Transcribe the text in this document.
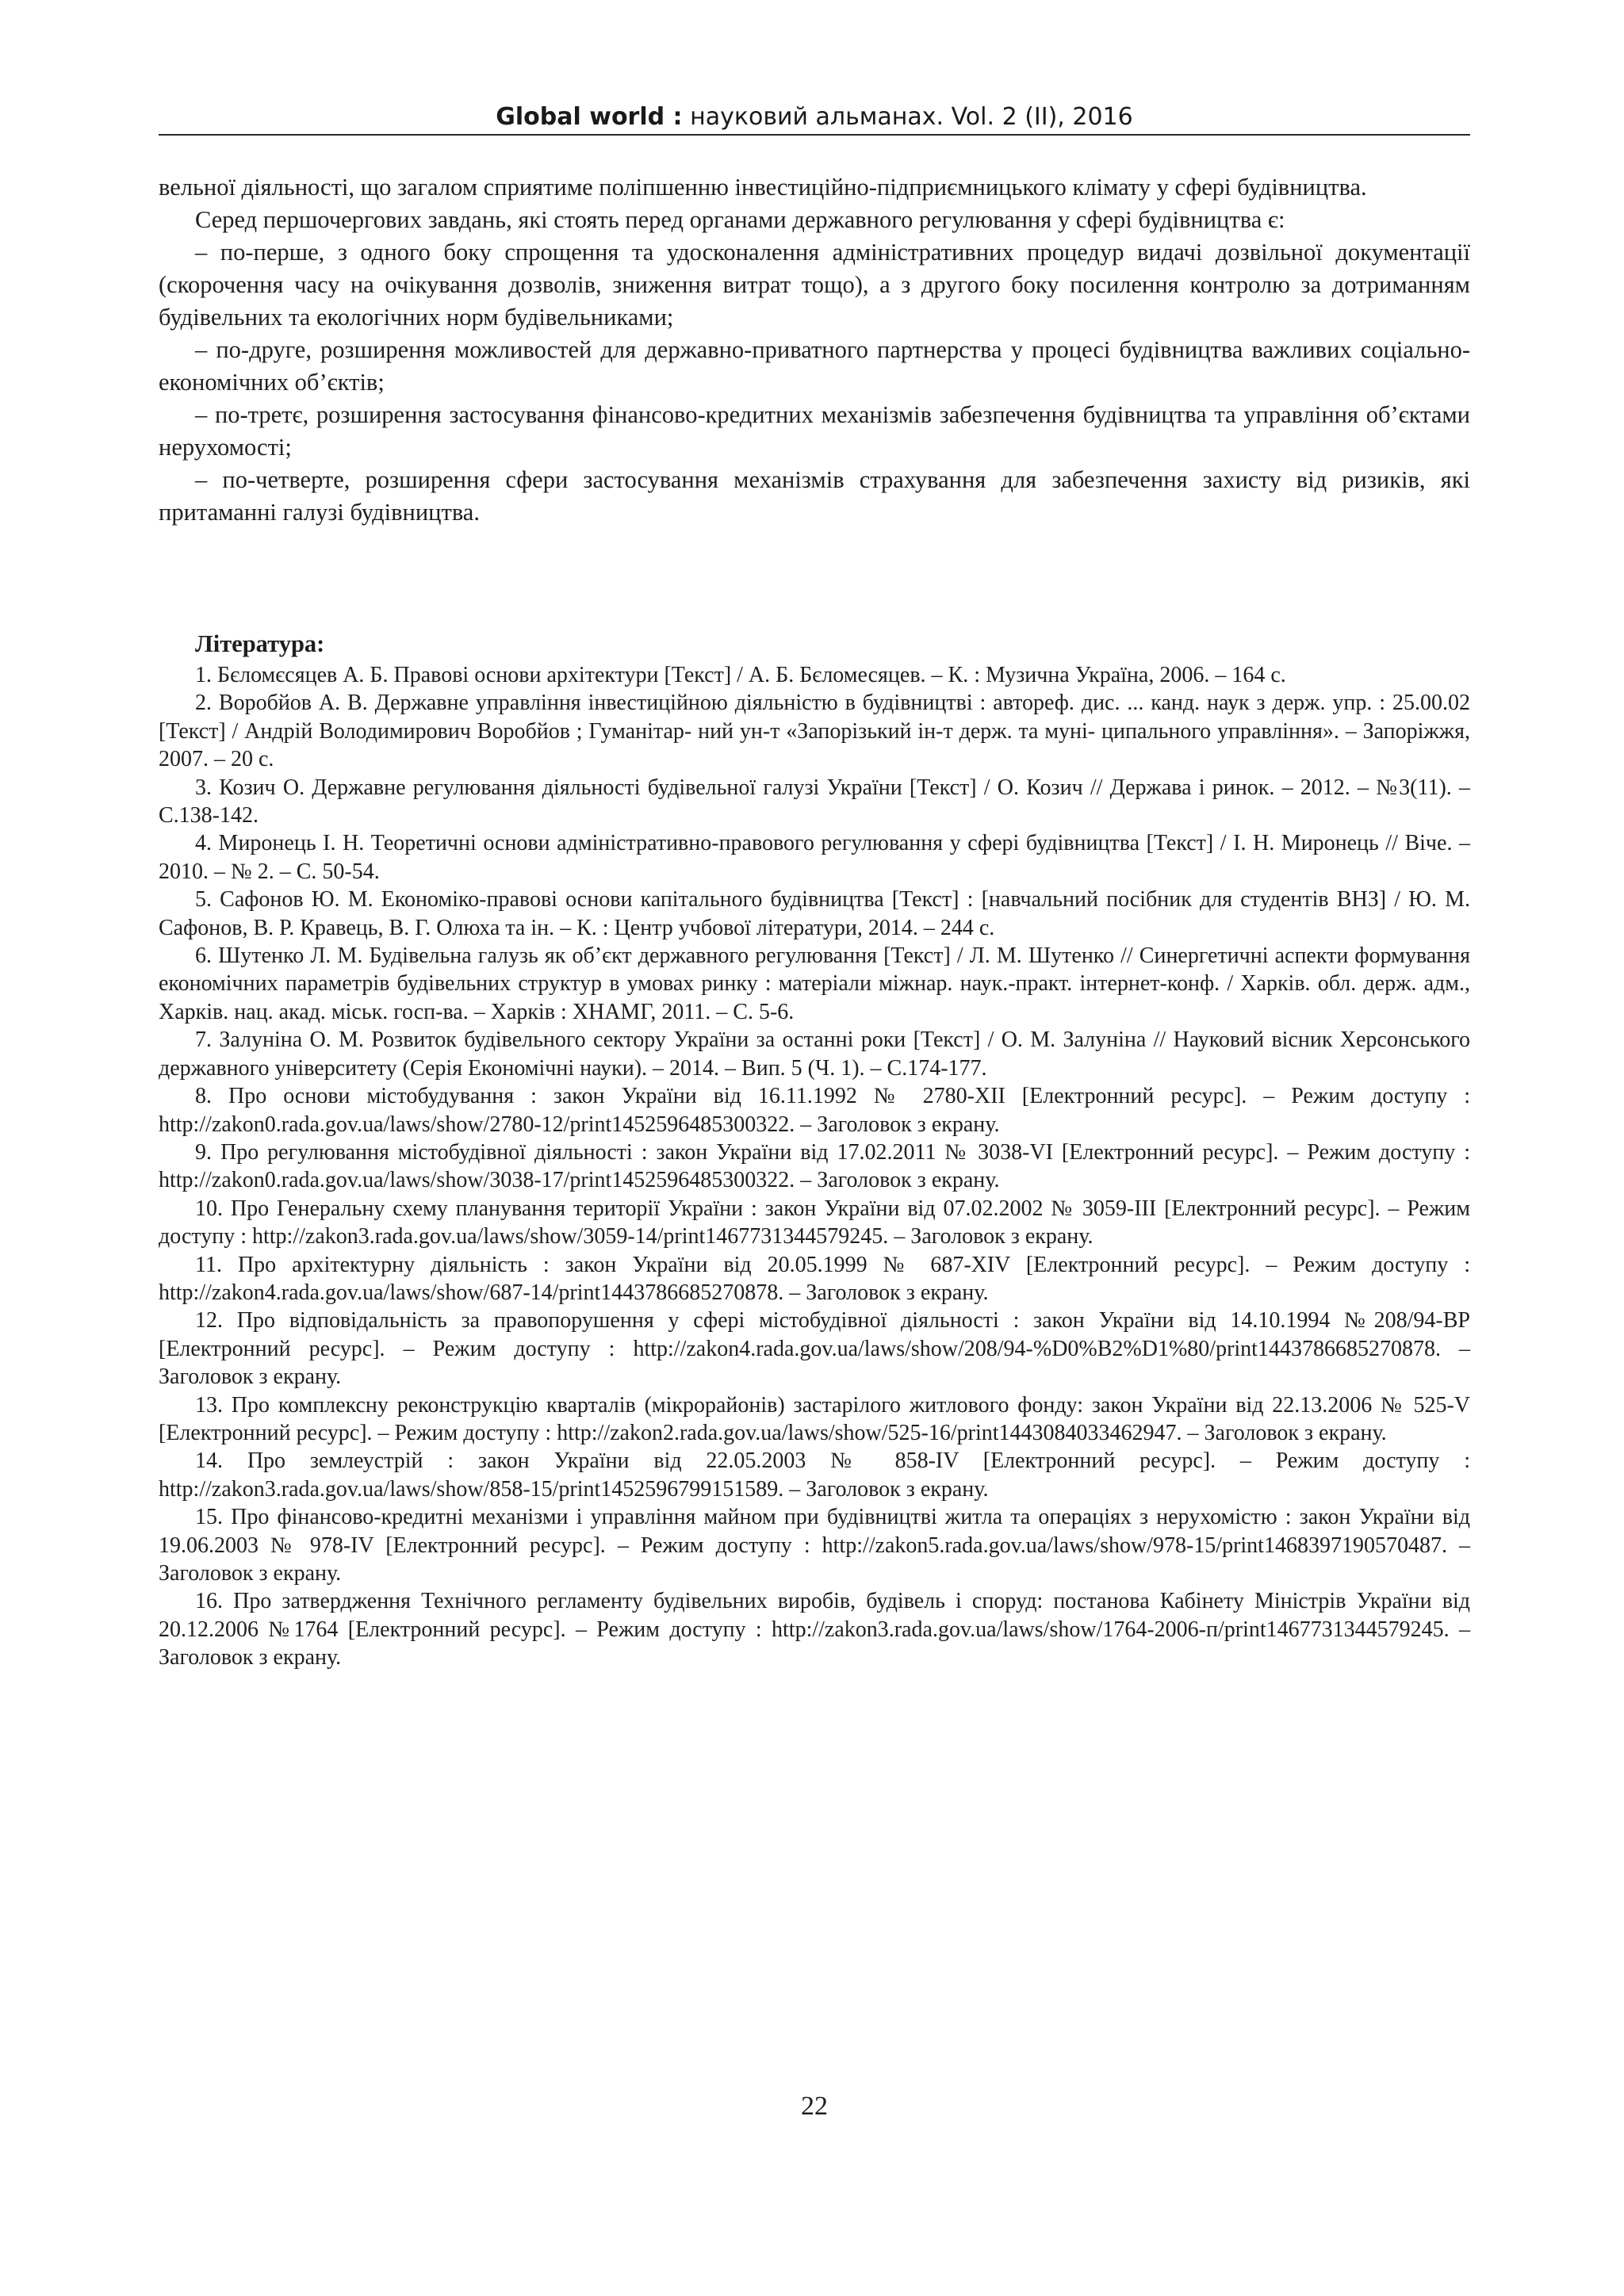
Global world : науковий альманах. Vol. 2 (II), 2016

вельної діяльності, що загалом сприятиме поліпшенню інвестиційно-підприємницького клімату у сфері будівництва.

Серед першочергових завдань, які стоять перед органами державного регулювання у сфері будівництва є:

– по-перше, з одного боку спрощення та удосконалення адміністративних процедур видачі дозвільної документації (скорочення часу на очікування дозволів, зниження витрат тощо), а з другого боку посилення контролю за дотриманням будівельних та екологічних норм будівельниками;

– по-друге, розширення можливостей для державно-приватного партнерства у процесі будівництва важливих соціально-економічних об’єктів;

– по-третє, розширення застосування фінансово-кредитних механізмів забезпечення будівництва та управління об’єктами нерухомості;

– по-четверте, розширення сфери застосування механізмів страхування для забезпечення захисту від ризиків, які притаманні галузі будівництва.

Література:

1. Бєломєсяцев А. Б. Правові основи архітектури [Текст] / А. Б. Бєломесяцев. – К. : Музична Україна, 2006. – 164 с.

2. Воробйов А. В. Державне управління інвестиційною діяльністю в будівництві : автореф. дис. ... канд. наук з держ. упр. : 25.00.02 [Текст] / Андрій Володимирович Воробйов ; Гуманітар- ний ун-т «Запорізький ін-т держ. та муні- ципального управління». – Запоріжжя, 2007. – 20 с.

3. Козич О. Державне регулювання діяльності будівельної галузі України [Текст] / О. Козич // Держава і ринок. – 2012. – №3(11). – С.138-142.

4. Миронець І. Н. Теоретичні основи адміністративно-правового регулювання у сфері будівництва [Текст] / І. Н. Миронець // Віче. – 2010. – № 2. – С. 50-54.

5. Сафонов Ю. М. Економіко-правові основи капітального будівництва [Текст] : [навчальний посібник для студентів ВНЗ] / Ю. М. Сафонов, В. Р. Кравець, В. Г. Олюха та ін. – К. : Центр учбової літератури, 2014. – 244 с.

6. Шутенко Л. М. Будівельна галузь як об’єкт державного регулювання [Текст] / Л. М. Шутенко // Синергетичні аспекти формування економічних параметрів будівельних структур в умовах ринку : матеріали міжнар. наук.-практ. інтернет-конф. / Харків. обл. держ. адм., Харків. нац. акад. міськ. госп-ва. – Харків : ХНАМГ, 2011. – С. 5-6.

7. Залуніна О. М. Розвиток будівельного сектору України за останні роки [Текст] / О. М. Залуніна // Науковий вісник Херсонського державного університету (Серія Економічні науки). – 2014. – Вип. 5 (Ч. 1). – С.174-177.

8. Про основи містобудування : закон України від 16.11.1992 № 2780-XII [Електронний ресурс]. – Режим доступу : http://zakon0.rada.gov.ua/laws/show/2780-12/print1452596485300322. – Заголовок з екрану.

9. Про регулювання містобудівної діяльності : закон України від 17.02.2011 № 3038-VI [Електронний ресурс]. – Режим доступу : http://zakon0.rada.gov.ua/laws/show/3038-17/print1452596485300322. – Заголовок з екрану.

10. Про Генеральну схему планування території України : закон України від 07.02.2002 № 3059-III [Електронний ресурс]. – Режим доступу : http://zakon3.rada.gov.ua/laws/show/3059-14/print1467731344579245. – Заголовок з екрану.

11. Про архітектурну діяльність : закон України від 20.05.1999 № 687-XIV [Електронний ресурс]. – Режим доступу : http://zakon4.rada.gov.ua/laws/show/687-14/print1443786685270878. – Заголовок з екрану.

12. Про відповідальність за правопорушення у сфері містобудівної діяльності : закон України від 14.10.1994 №208/94-ВР [Електронний ресурс]. – Режим доступу : http://zakon4.rada.gov.ua/laws/show/208/94-%D0%B2%D1%80/print1443786685270878. – Заголовок з екрану.

13. Про комплексну реконструкцію кварталів (мікрорайонів) застарілого житлового фонду: закон України від 22.13.2006 № 525-V [Електронний ресурс]. – Режим доступу : http://zakon2.rada.gov.ua/laws/show/525-16/print1443084033462947. – Заголовок з екрану.

14. Про землеустрій : закон України від 22.05.2003 № 858-IV [Електронний ресурс]. – Режим доступу : http://zakon3.rada.gov.ua/laws/show/858-15/print1452596799151589. – Заголовок з екрану.

15. Про фінансово-кредитні механізми і управління майном при будівництві житла та операціях з нерухомістю : закон України від 19.06.2003 № 978-IV [Електронний ресурс]. – Режим доступу : http://zakon5.rada.gov.ua/laws/show/978-15/print1468397190570487. – Заголовок з екрану.

16. Про затвердження Технічного регламенту будівельних виробів, будівель і споруд: постанова Кабінету Міністрів України від 20.12.2006 №1764 [Електронний ресурс]. – Режим доступу : http://zakon3.rada.gov.ua/laws/show/1764-2006-п/print1467731344579245. – Заголовок з екрану.

22
